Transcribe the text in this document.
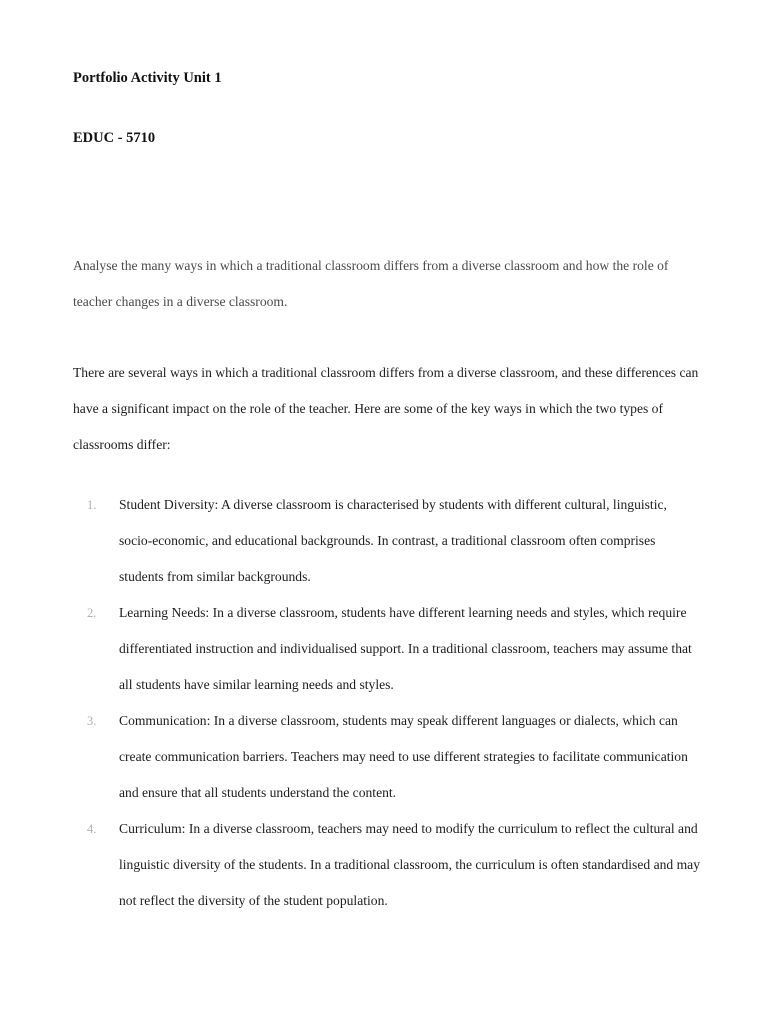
Portfolio Activity Unit 1
EDUC - 5710

Analyse the many ways in which a traditional classroom differs from a diverse classroom and how the role of teacher changes in a diverse classroom.

There are several ways in which a traditional classroom differs from a diverse classroom, and these differences can have a significant impact on the role of the teacher. Here are some of the key ways in which the two types of classrooms differ:

1.	Student Diversity: A diverse classroom is characterised by students with different cultural, linguistic, socio-economic, and educational backgrounds. In contrast, a traditional classroom often comprises students from similar backgrounds.
2.	Learning Needs: In a diverse classroom, students have different learning needs and styles, which require differentiated instruction and individualised support. In a traditional classroom, teachers may assume that all students have similar learning needs and styles.
3.	Communication: In a diverse classroom, students may speak different languages or dialects, which can create communication barriers. Teachers may need to use different strategies to facilitate communication and ensure that all students understand the content.
4.	Curriculum: In a diverse classroom, teachers may need to modify the curriculum to reflect the cultural and linguistic diversity of the students. In a traditional classroom, the curriculum is often standardised and may not reflect the diversity of the student population.
